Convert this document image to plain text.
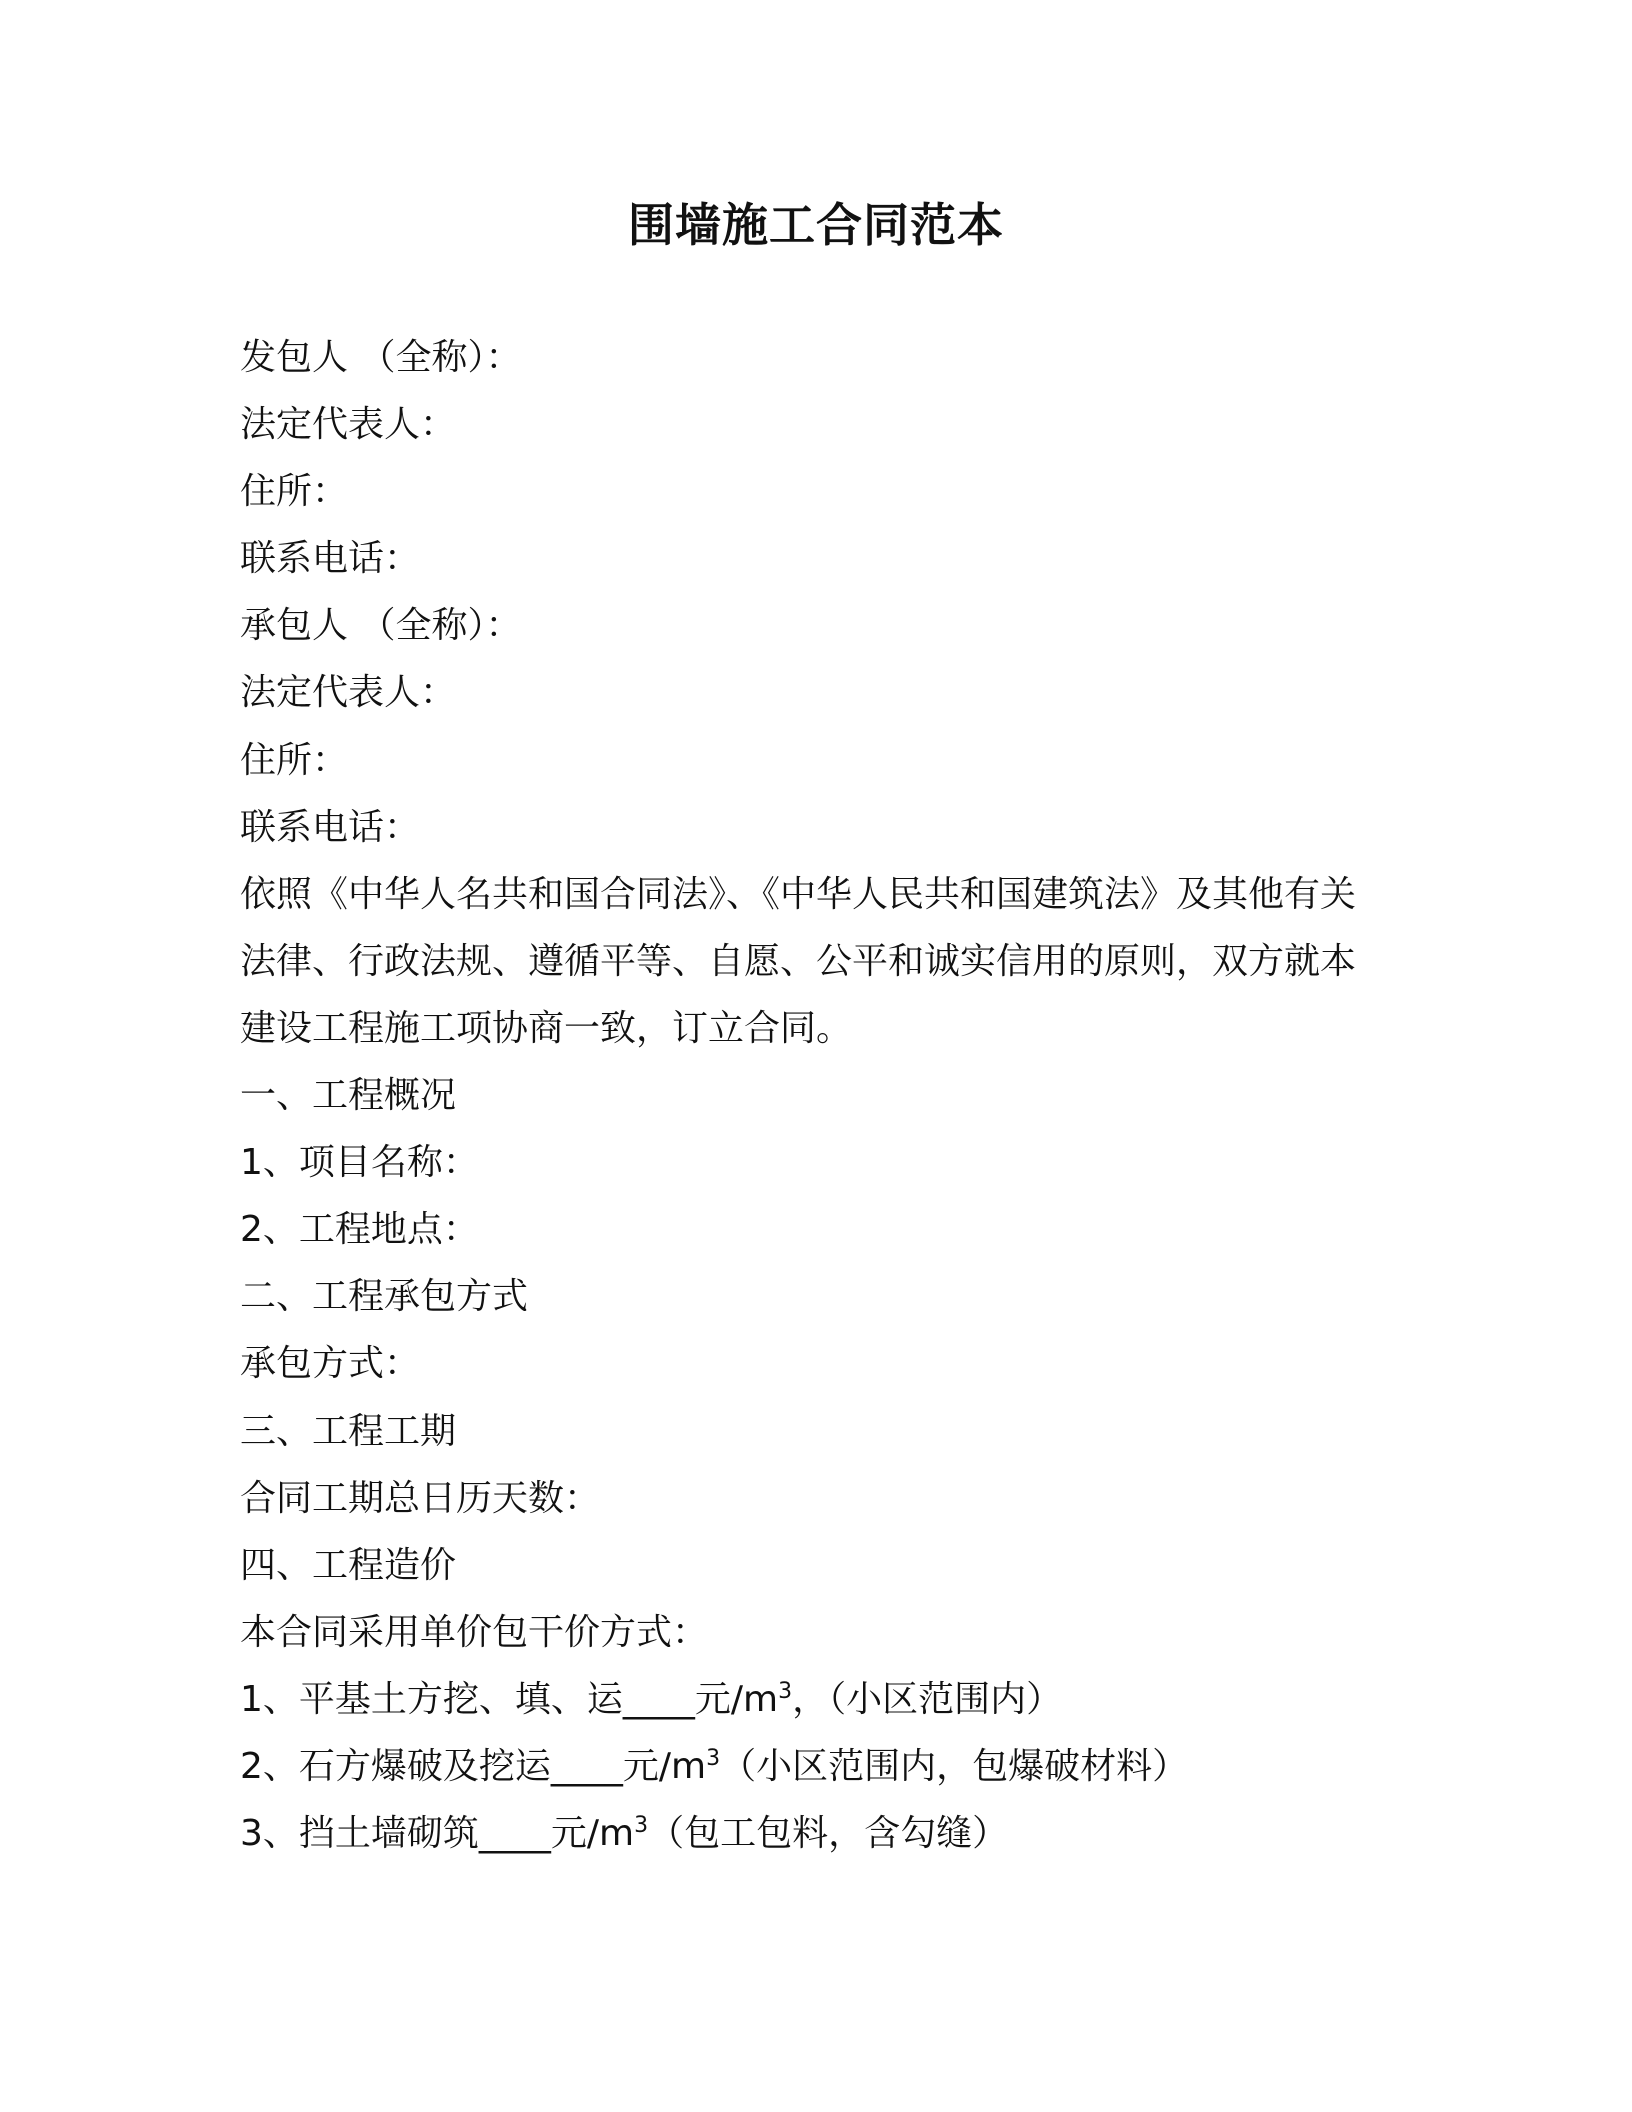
围墙施工合同范本
发包人 （全称）：
法定代表人：
住所：
联系电话：
承包人 （全称）：
法定代表人：
住所：
联系电话：
依照《中华人名共和国合同法》、《中华人民共和国建筑法》及其他有关法律、行政法规、遵循平等、自愿、公平和诚实信用的原则，双方就本建设工程施工项协商一致，订立合同。
一、工程概况
1、项目名称：
2、工程地点：
二、工程承包方式
承包方式：
三、工程工期
合同工期总日历天数：
四、工程造价
本合同采用单价包干价方式：
1、平基土方挖、填、运____元$/m^3$，（小区范围内）
2、石方爆破及挖运____元$/m^3$（小区范围内，包爆破材料）
3、挡土墙砌筑____元$/m^3$（包工包料，含勾缝）
